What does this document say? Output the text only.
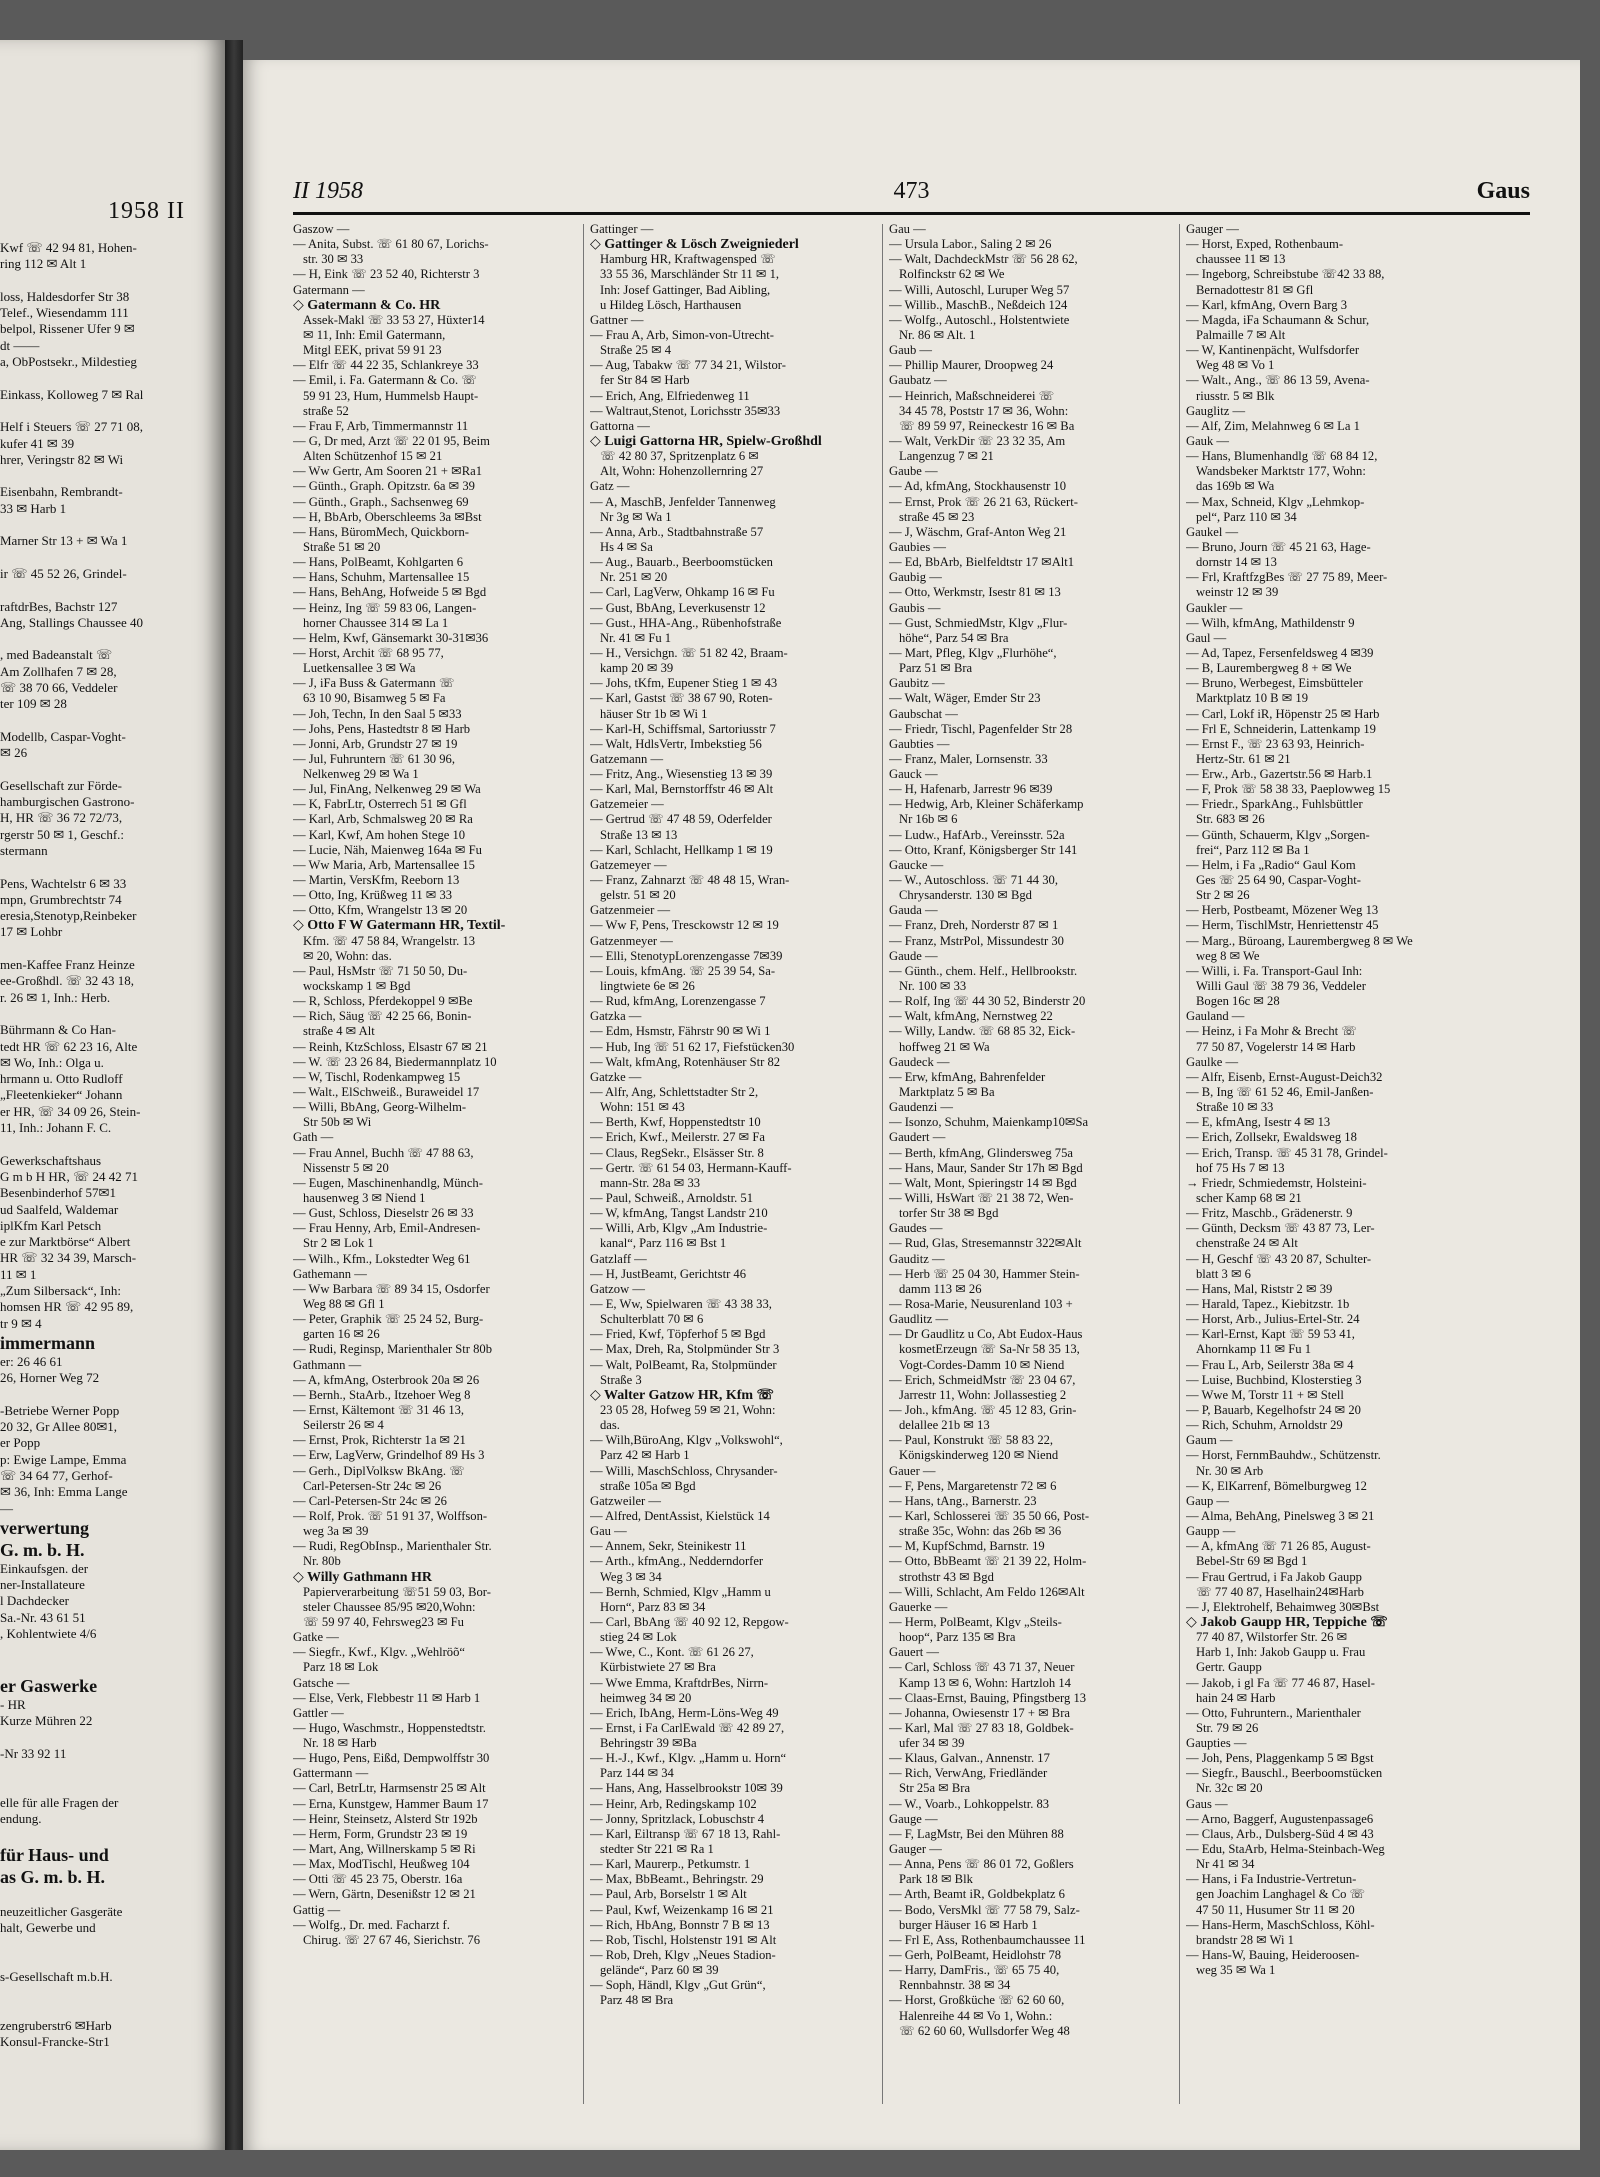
1958 II
Kwf ☏ 42 94 81, Hohen-
ring 112 ✉ Alt 1
loss, Haldesdorfer Str 38
Telef., Wiesendamm 111
belpol, Rissener Ufer 9 ✉
dt ——
a, ObPostsekr., Mildestieg
Einkass, Kolloweg 7 ✉ Ral
Helf i Steuers ☏ 27 71 08,
kufer 41 ✉ 39
hrer, Veringstr 82 ✉ Wi
Eisenbahn, Rembrandt-
33 ✉ Harb 1
Marner Str 13 + ✉ Wa 1
ir ☏ 45 52 26, Grindel-
raftdrBes, Bachstr 127
Ang, Stallings Chaussee 40
, med Badeanstalt ☏
Am Zollhafen 7 ✉ 28,
☏ 38 70 66, Veddeler
ter 109 ✉ 28
Modellb, Caspar-Voght-
✉ 26
Gesellschaft zur Förde-
hamburgischen Gastrono-
H, HR ☏ 36 72 72/73,
rgerstr 50 ✉ 1, Geschf.:
stermann
Pens, Wachtelstr 6 ✉ 33
mpn, Grumbrechtstr 74
eresia,Stenotyp,Reinbeker
17 ✉ Lohbr
men-Kaffee Franz Heinze
ee-Großhdl. ☏ 32 43 18,
r. 26 ✉ 1, Inh.: Herb.
Bührmann & Co Han-
tedt HR ☏ 62 23 16, Alte
✉ Wo, Inh.: Olga u.
hrmann u. Otto Rudloff
„Fleetenkieker“ Johann
er HR, ☏ 34 09 26, Stein-
11, Inh.: Johann F. C.
Gewerkschaftshaus
G m b H HR, ☏ 24 42 71
Besenbinderhof 57✉1
ud Saalfeld, Waldemar
iplKfm Karl Petsch
e zur Marktbörse“ Albert
HR ☏ 32 34 39, Marsch-
11 ✉ 1
„Zum Silbersack“, Inh:
homsen HR ☏ 42 95 89,
tr 9 ✉ 4
immermann
er: 26 46 61
26, Horner Weg 72
-Betriebe Werner Popp
20 32, Gr Allee 80✉1,
er Popp
p: Ewige Lampe, Emma
☏ 34 64 77, Gerhof-
✉ 36, Inh: Emma Lange
—
verwertung
G. m. b. H.
Einkaufsgen. der
ner-Installateure
l Dachdecker
Sa.-Nr. 43 61 51
, Kohlentwiete 4/6
er Gaswerke
- HR
Kurze Mühren 22
-Nr 33 92 11
elle für alle Fragen der
endung.
für Haus- und
as G. m. b. H.
neuzeitlicher Gasgeräte
halt, Gewerbe und
s-Gesellschaft m.b.H.
zengruberstr6 ✉Harb
Konsul-Francke-Str1
II 1958	473	Gaus
Gaszow —
— Anita, Subst. ☏ 61 80 67, Lorichs-
str. 30 ✉ 33
— H, Eink ☏ 23 52 40, Richterstr 3
Gatermann —
◇ Gatermann & Co. HR
Assek-Makl ☏ 33 53 27, Hüxter14
✉ 11, Inh: Emil Gatermann,
Mitgl EEK, privat 59 91 23
— Elfr ☏ 44 22 35, Schlankreye 33
— Emil, i. Fa. Gatermann & Co. ☏
59 91 23, Hum, Hummelsb Haupt-
straße 52
— Frau F, Arb, Timmermannstr 11
— G, Dr med, Arzt ☏ 22 01 95, Beim
Alten Schützenhof 15 ✉ 21
— Ww Gertr, Am Sooren 21 + ✉Ra1
— Günth., Graph. Opitzstr. 6a ✉ 39
— Günth., Graph., Sachsenweg 69
— H, BbArb, Oberschleems 3a ✉Bst
— Hans, BüromMech, Quickborn-
Straße 51 ✉ 20
— Hans, PolBeamt, Kohlgarten 6
— Hans, Schuhm, Martensallee 15
— Hans, BehAng, Hofweide 5 ✉ Bgd
— Heinz, Ing ☏ 59 83 06, Langen-
horner Chaussee 314 ✉ La 1
— Helm, Kwf, Gänsemarkt 30-31✉36
— Horst, Archit ☏ 68 95 77,
Luetkensallee 3 ✉ Wa
— J, iFa Buss & Gatermann ☏
63 10 90, Bisamweg 5 ✉ Fa
— Joh, Techn, In den Saal 5 ✉33
— Johs, Pens, Hastedtstr 8 ✉ Harb
— Jonni, Arb, Grundstr 27 ✉ 19
— Jul, Fuhruntern ☏ 61 30 96,
Nelkenweg 29 ✉ Wa 1
— Jul, FinAng, Nelkenweg 29 ✉ Wa
— K, FabrLtr, Osterrech 51 ✉ Gfl
— Karl, Arb, Schmalsweg 20 ✉ Ra
— Karl, Kwf, Am hohen Stege 10
— Lucie, Näh, Maienweg 164a ✉ Fu
— Ww Maria, Arb, Martensallee 15
— Martin, VersKfm, Reeborn 13
— Otto, Ing, Krüßweg 11 ✉ 33
— Otto, Kfm, Wrangelstr 13 ✉ 20
◇ Otto F W Gatermann HR, Textil-
Kfm. ☏ 47 58 84, Wrangelstr. 13
✉ 20, Wohn: das.
— Paul, HsMstr ☏ 71 50 50, Du-
wockskamp 1 ✉ Bgd
— R, Schloss, Pferdekoppel 9 ✉Be
— Rich, Säug ☏ 42 25 66, Bonin-
straße 4 ✉ Alt
— Reinh, KtzSchloss, Elsastr 67 ✉ 21
— W. ☏ 23 26 84, Biedermannplatz 10
— W, Tischl, Rodenkampweg 15
— Walt., ElSchweiß., Buraweidel 17
— Willi, BbAng, Georg-Wilhelm-
Str 50b ✉ Wi
Gath —
— Frau Annel, Buchh ☏ 47 88 63,
Nissenstr 5 ✉ 20
— Eugen, Maschinenhandlg, Münch-
hausenweg 3 ✉ Niend 1
— Gust, Schloss, Dieselstr 26 ✉ 33
— Frau Henny, Arb, Emil-Andresen-
Str 2 ✉ Lok 1
— Wilh., Kfm., Lokstedter Weg 61
Gathemann —
— Ww Barbara ☏ 89 34 15, Osdorfer
Weg 88 ✉ Gfl 1
— Peter, Graphik ☏ 25 24 52, Burg-
garten 16 ✉ 26
— Rudi, Reginsp, Marienthaler Str 80b
Gathmann —
— A, kfmAng, Osterbrook 20a ✉ 26
— Bernh., StaArb., Itzehoer Weg 8
— Ernst, Kältemont ☏ 31 46 13,
Seilerstr 26 ✉ 4
— Ernst, Prok, Richterstr 1a ✉ 21
— Erw, LagVerw, Grindelhof 89 Hs 3
— Gerh., DiplVolksw BkAng. ☏
Carl-Petersen-Str 24c ✉ 26
— Carl-Petersen-Str 24c ✉ 26
— Rolf, Prok. ☏ 51 91 37, Wolffson-
weg 3a ✉ 39
— Rudi, RegObInsp., Marienthaler Str.
Nr. 80b
◇ Willy Gathmann HR
Papierverarbeitung ☏51 59 03, Bor-
steler Chaussee 85/95 ✉20,Wohn:
☏ 59 97 40, Fehrsweg23 ✉ Fu
Gatke —
— Siegfr., Kwf., Klgv. „Wehlröõ“
Parz 18 ✉ Lok
Gatsche —
— Else, Verk, Flebbestr 11 ✉ Harb 1
Gattler —
— Hugo, Waschmstr., Hoppenstedtstr.
Nr. 18 ✉ Harb
— Hugo, Pens, Eißd, Dempwolffstr 30
Gattermann —
— Carl, BetrLtr, Harmsenstr 25 ✉ Alt
— Erna, Kunstgew, Hammer Baum 17
— Heinr, Steinsetz, Alsterd Str 192b
— Herm, Form, Grundstr 23 ✉ 19
— Mart, Ang, Willnerskamp 5 ✉ Ri
— Max, ModTischl, Heußweg 104
— Otti ☏ 45 23 75, Oberstr. 16a
— Wern, Gärtn, Desenißstr 12 ✉ 21
Gattig —
— Wolfg., Dr. med. Facharzt f.
Chirug. ☏ 27 67 46, Sierichstr. 76
Gattinger —
◇ Gattinger & Lösch Zweigniederl
Hamburg HR, Kraftwagensped ☏
33 55 36, Marschländer Str 11 ✉ 1,
Inh: Josef Gattinger, Bad Aibling,
u Hildeg Lösch, Harthausen
Gattner —
— Frau A, Arb, Simon-von-Utrecht-
Straße 25 ✉ 4
— Aug, Tabakw ☏ 77 34 21, Wilstor-
fer Str 84 ✉ Harb
— Erich, Ang, Elfriedenweg 11
— Waltraut,Stenot, Lorichsstr 35✉33
Gattorna —
◇ Luigi Gattorna HR, Spielw-Großhdl
☏ 42 80 37, Spritzenplatz 6 ✉
Alt, Wohn: Hohenzollernring 27
Gatz —
— A, MaschB, Jenfelder Tannenweg
Nr 3g ✉ Wa 1
— Anna, Arb., Stadtbahnstraße 57
Hs 4 ✉ Sa
— Aug., Bauarb., Beerboomstücken
Nr. 251 ✉ 20
— Carl, LagVerw, Ohkamp 16 ✉ Fu
— Gust, BbAng, Leverkusenstr 12
— Gust., HHA-Ang., Rübenhofstraße
Nr. 41 ✉ Fu 1
— H., Versichgn. ☏ 51 82 42, Braam-
kamp 20 ✉ 39
— Johs, tKfm, Eupener Stieg 1 ✉ 43
— Karl, Gastst ☏ 38 67 90, Roten-
häuser Str 1b ✉ Wi 1
— Karl-H, Schiffsmal, Sartoriusstr 7
— Walt, HdlsVertr, Imbekstieg 56
Gatzemann —
— Fritz, Ang., Wiesenstieg 13 ✉ 39
— Karl, Mal, Bernstorffstr 46 ✉ Alt
Gatzemeier —
— Gertrud ☏ 47 48 59, Oderfelder
Straße 13 ✉ 13
— Karl, Schlacht, Hellkamp 1 ✉ 19
Gatzemeyer —
— Franz, Zahnarzt ☏ 48 48 15, Wran-
gelstr. 51 ✉ 20
Gatzenmeier —
— Ww F, Pens, Tresckowstr 12 ✉ 19
Gatzenmeyer —
— Elli, StenotypLorenzengasse 7✉39
— Louis, kfmAng. ☏ 25 39 54, Sa-
lingtwiete 6e ✉ 26
— Rud, kfmAng, Lorenzengasse 7
Gatzka —
— Edm, Hsmstr, Fährstr 90 ✉ Wi 1
— Hub, Ing ☏ 51 62 17, Fiefstücken30
— Walt, kfmAng, Rotenhäuser Str 82
Gatzke —
— Alfr, Ang, Schlettstadter Str 2,
Wohn: 151 ✉ 43
— Berth, Kwf, Hoppenstedtstr 10
— Erich, Kwf., Meilerstr. 27 ✉ Fa
— Claus, RegSekr., Elsässer Str. 8
— Gertr. ☏ 61 54 03, Hermann-Kauff-
mann-Str. 28a ✉ 33
— Paul, Schweiß., Arnoldstr. 51
— W, kfmAng, Tangst Landstr 210
— Willi, Arb, Klgv „Am Industrie-
kanal“, Parz 116 ✉ Bst 1
Gatzlaff —
— H, JustBeamt, Gerichtstr 46
Gatzow —
— E, Ww, Spielwaren ☏ 43 38 33,
Schulterblatt 70 ✉ 6
— Fried, Kwf, Töpferhof 5 ✉ Bgd
— Max, Dreh, Ra, Stolpmünder Str 3
— Walt, PolBeamt, Ra, Stolpmünder
Straße 3
◇ Walter Gatzow HR, Kfm ☏
23 05 28, Hofweg 59 ✉ 21, Wohn:
das.
— Wilh,BüroAng, Klgv „Volkswohl“,
Parz 42 ✉ Harb 1
— Willi, MaschSchloss, Chrysander-
straße 105a ✉ Bgd
Gatzweiler —
— Alfred, DentAssist, Kielstück 14
Gau —
— Annem, Sekr, Steinikestr 11
— Arth., kfmAng., Nedderndorfer
Weg 3 ✉ 34
— Bernh, Schmied, Klgv „Hamm u
Horn“, Parz 83 ✉ 34
— Carl, BbAng ☏ 40 92 12, Repgow-
stieg 24 ✉ Lok
— Wwe, C., Kont. ☏ 61 26 27,
Kürbistwiete 27 ✉ Bra
— Wwe Emma, KraftdrBes, Nirrn-
heimweg 34 ✉ 20
— Erich, IbAng, Herm-Löns-Weg 49
— Ernst, i Fa CarlEwald ☏ 42 89 27,
Behringstr 39 ✉Ba
— H.-J., Kwf., Klgv. „Hamm u. Horn“
Parz 144 ✉ 34
— Hans, Ang, Hasselbrookstr 10✉ 39
— Heinr, Arb, Redingskamp 102
— Jonny, Spritzlack, Lobuschstr 4
— Karl, Eiltransp ☏ 67 18 13, Rahl-
stedter Str 221 ✉ Ra 1
— Karl, Maurerp., Petkumstr. 1
— Max, BbBeamt., Behringstr. 29
— Paul, Arb, Borselstr 1 ✉ Alt
— Paul, Kwf, Weizenkamp 16 ✉ 21
— Rich, HbAng, Bonnstr 7 B ✉ 13
— Rob, Tischl, Holstenstr 191 ✉ Alt
— Rob, Dreh, Klgv „Neues Stadion-
gelände“, Parz 60 ✉ 39
— Soph, Händl, Klgv „Gut Grün“,
Parz 48 ✉ Bra
Gau —
— Ursula Labor., Saling 2 ✉ 26
— Walt, DachdeckMstr ☏ 56 28 62,
Rolfinckstr 62 ✉ We
— Willi, Autoschl, Luruper Weg 57
— Willib., MaschB., Neßdeich 124
— Wolfg., Autoschl., Holstentwiete
Nr. 86 ✉ Alt. 1
Gaub —
— Phillip Maurer, Droopweg 24
Gaubatz —
— Heinrich, Maßschneiderei ☏
34 45 78, Poststr 17 ✉ 36, Wohn:
☏ 89 59 97, Reineckestr 16 ✉ Ba
— Walt, VerkDir ☏ 23 32 35, Am
Langenzug 7 ✉ 21
Gaube —
— Ad, kfmAng, Stockhausenstr 10
— Ernst, Prok ☏ 26 21 63, Rückert-
straße 45 ✉ 23
— J, Wäschm, Graf-Anton Weg 21
Gaubies —
— Ed, BbArb, Bielfeldtstr 17 ✉Alt1
Gaubig —
— Otto, Werkmstr, Isestr 81 ✉ 13
Gaubis —
— Gust, SchmiedMstr, Klgv „Flur-
höhe“, Parz 54 ✉ Bra
— Mart, Pfleg, Klgv „Flurhöhe“,
Parz 51 ✉ Bra
Gaubitz —
— Walt, Wäger, Emder Str 23
Gaubschat —
— Friedr, Tischl, Pagenfelder Str 28
Gaubties —
— Franz, Maler, Lornsenstr. 33
Gauck —
— H, Hafenarb, Jarrestr 96 ✉39
— Hedwig, Arb, Kleiner Schäferkamp
Nr 16b ✉ 6
— Ludw., HafArb., Vereinsstr. 52a
— Otto, Kranf, Königsberger Str 141
Gaucke —
— W., Autoschloss. ☏ 71 44 30,
Chrysanderstr. 130 ✉ Bgd
Gauda —
— Franz, Dreh, Norderstr 87 ✉ 1
— Franz, MstrPol, Missundestr 30
Gaude —
— Günth., chem. Helf., Hellbrookstr.
Nr. 100 ✉ 33
— Rolf, Ing ☏ 44 30 52, Binderstr 20
— Walt, kfmAng, Nernstweg 22
— Willy, Landw. ☏ 68 85 32, Eick-
hoffweg 21 ✉ Wa
Gaudeck —
— Erw, kfmAng, Bahrenfelder
Marktplatz 5 ✉ Ba
Gaudenzi —
— Isonzo, Schuhm, Maienkamp10✉Sa
Gaudert —
— Berth, kfmAng, Glindersweg 75a
— Hans, Maur, Sander Str 17h ✉ Bgd
— Walt, Mont, Spieringstr 14 ✉ Bgd
— Willi, HsWart ☏ 21 38 72, Wen-
torfer Str 38 ✉ Bgd
Gaudes —
— Rud, Glas, Stresemannstr 322✉Alt
Gauditz —
— Herb ☏ 25 04 30, Hammer Stein-
damm 113 ✉ 26
— Rosa-Marie, Neusurenland 103 +
Gaudlitz —
— Dr Gaudlitz u Co, Abt Eudox-Haus
kosmetErzeugn ☏ Sa-Nr 58 35 13,
Vogt-Cordes-Damm 10 ✉ Niend
— Erich, SchmeidMstr ☏ 23 04 67,
Jarrestr 11, Wohn: Jollassestieg 2
— Joh., kfmAng. ☏ 45 12 83, Grin-
delallee 21b ✉ 13
— Paul, Konstrukt ☏ 58 83 22,
Königskinderweg 120 ✉ Niend
Gauer —
— F, Pens, Margaretenstr 72 ✉ 6
— Hans, tAng., Barnerstr. 23
— Karl, Schlosserei ☏ 35 50 66, Post-
straße 35c, Wohn: das 26b ✉ 36
— M, KupfSchmd, Barnstr. 19
— Otto, BbBeamt ☏ 21 39 22, Holm-
strothstr 43 ✉ Bgd
— Willi, Schlacht, Am Feldo 126✉Alt
Gauerke —
— Herm, PolBeamt, Klgv „Steils-
hoop“, Parz 135 ✉ Bra
Gauert —
— Carl, Schloss ☏ 43 71 37, Neuer
Kamp 13 ✉ 6, Wohn: Hartzloh 14
— Claas-Ernst, Bauing, Pfingstberg 13
— Johanna, Owiesenstr 17 + ✉ Bra
— Karl, Mal ☏ 27 83 18, Goldbek-
ufer 34 ✉ 39
— Klaus, Galvan., Annenstr. 17
— Rich, VerwAng, Friedländer
Str 25a ✉ Bra
— W., Voarb., Lohkoppelstr. 83
Gauge —
— F, LagMstr, Bei den Mühren 88
Gauger —
— Anna, Pens ☏ 86 01 72, Goßlers
Park 18 ✉ Blk
— Arth, Beamt iR, Goldbekplatz 6
— Bodo, VersMkl ☏ 77 58 79, Salz-
burger Häuser 16 ✉ Harb 1
— Frl E, Ass, Rothenbaumchaussee 11
— Gerh, PolBeamt, Heidlohstr 78
— Harry, DamFris., ☏ 65 75 40,
Rennbahnstr. 38 ✉ 34
— Horst, Großküche ☏ 62 60 60,
Halenreihe 44 ✉ Vo 1, Wohn.:
☏ 62 60 60, Wullsdorfer Weg 48
Gauger —
— Horst, Exped, Rothenbaum-
chaussee 11 ✉ 13
— Ingeborg, Schreibstube ☏42 33 88,
Bernadottestr 81 ✉ Gfl
— Karl, kfmAng, Overn Barg 3
— Magda, iFa Schaumann & Schur,
Palmaille 7 ✉ Alt
— W, Kantinenpächt, Wulfsdorfer
Weg 48 ✉ Vo 1
— Walt., Ang., ☏ 86 13 59, Avena-
riusstr. 5 ✉ Blk
Gauglitz —
— Alf, Zim, Melahnweg 6 ✉ La 1
Gauk —
— Hans, Blumenhandlg ☏ 68 84 12,
Wandsbeker Marktstr 177, Wohn:
das 169b ✉ Wa
— Max, Schneid, Klgv „Lehmkop-
pel“, Parz 110 ✉ 34
Gaukel —
— Bruno, Journ ☏ 45 21 63, Hage-
dornstr 14 ✉ 13
— Frl, KraftfzgBes ☏ 27 75 89, Meer-
weinstr 12 ✉ 39
Gaukler —
— Wilh, kfmAng, Mathildenstr 9
Gaul —
— Ad, Tapez, Fersenfeldsweg 4 ✉39
— B, Laurembergweg 8 + ✉ We
— Bruno, Werbegest, Eimsbütteler
Marktplatz 10 B ✉ 19
— Carl, Lokf iR, Höpenstr 25 ✉ Harb
— Frl E, Schneiderin, Lattenkamp 19
— Ernst F., ☏ 23 63 93, Heinrich-
Hertz-Str. 61 ✉ 21
— Erw., Arb., Gazertstr.56 ✉ Harb.1
— F, Prok ☏ 58 38 33, Paeplowweg 15
— Friedr., SparkAng., Fuhlsbüttler
Str. 683 ✉ 26
— Günth, Schauerm, Klgv „Sorgen-
frei“, Parz 112 ✉ Ba 1
— Helm, i Fa „Radio“ Gaul Kom
Ges ☏ 25 64 90, Caspar-Voght-
Str 2 ✉ 26
— Herb, Postbeamt, Mözener Weg 13
— Herm, TischlMstr, Henriettenstr 45
— Marg., Büroang, Laurembergweg 8 ✉ We
weg 8 ✉ We
— Willi, i. Fa. Transport-Gaul Inh:
Willi Gaul ☏ 38 79 36, Veddeler
Bogen 16c ✉ 28
Gauland —
— Heinz, i Fa Mohr & Brecht ☏
77 50 87, Vogelerstr 14 ✉ Harb
Gaulke —
— Alfr, Eisenb, Ernst-August-Deich32
— B, Ing ☏ 61 52 46, Emil-Janßen-
Straße 10 ✉ 33
— E, kfmAng, Isestr 4 ✉ 13
— Erich, Zollsekr, Ewaldsweg 18
— Erich, Transp. ☏ 45 31 78, Grindel-
hof 75 Hs 7 ✉ 13
→ Friedr, Schmiedemstr, Holsteini-
scher Kamp 68 ✉ 21
— Fritz, Maschb., Grädenerstr. 9
— Günth, Decksm ☏ 43 87 73, Ler-
chenstraße 24 ✉ Alt
— H, Geschf ☏ 43 20 87, Schulter-
blatt 3 ✉ 6
— Hans, Mal, Riststr 2 ✉ 39
— Harald, Tapez., Kiebitzstr. 1b
— Horst, Arb., Julius-Ertel-Str. 24
— Karl-Ernst, Kapt ☏ 59 53 41,
Ahornkamp 11 ✉ Fu 1
— Frau L, Arb, Seilerstr 38a ✉ 4
— Luise, Buchbind, Klosterstieg 3
— Wwe M, Torstr 11 + ✉ Stell
— P, Bauarb, Kegelhofstr 24 ✉ 20
— Rich, Schuhm, Arnoldstr 29
Gaum —
— Horst, FernmBauhdw., Schützenstr.
Nr. 30 ✉ Arb
— K, ElKarrenf, Bömelburgweg 12
Gaup —
— Alma, BehAng, Pinelsweg 3 ✉ 21
Gaupp —
— A, kfmAng ☏ 71 26 85, August-
Bebel-Str 69 ✉ Bgd 1
— Frau Gertrud, i Fa Jakob Gaupp
☏ 77 40 87, Haselhain24✉Harb
— J, Elektrohelf, Behaimweg 30✉Bst
◇ Jakob Gaupp HR, Teppiche ☏
77 40 87, Wilstorfer Str. 26 ✉
Harb 1, Inh: Jakob Gaupp u. Frau
Gertr. Gaupp
— Jakob, i gl Fa ☏ 77 46 87, Hasel-
hain 24 ✉ Harb
— Otto, Fuhruntern., Marienthaler
Str. 79 ✉ 26
Gaupties —
— Joh, Pens, Plaggenkamp 5 ✉ Bgst
— Siegfr., Bauschl., Beerboomstücken
Nr. 32c ✉ 20
Gaus —
— Arno, Baggerf, Augustenpassage6
— Claus, Arb., Dulsberg-Süd 4 ✉ 43
— Edu, StaArb, Helma-Steinbach-Weg
Nr 41 ✉ 34
— Hans, i Fa Industrie-Vertretun-
gen Joachim Langhagel & Co ☏
47 50 11, Husumer Str 11 ✉ 20
— Hans-Herm, MaschSchloss, Köhl-
brandstr 28 ✉ Wi 1
— Hans-W, Bauing, Heideroosen-
weg 35 ✉ Wa 1
